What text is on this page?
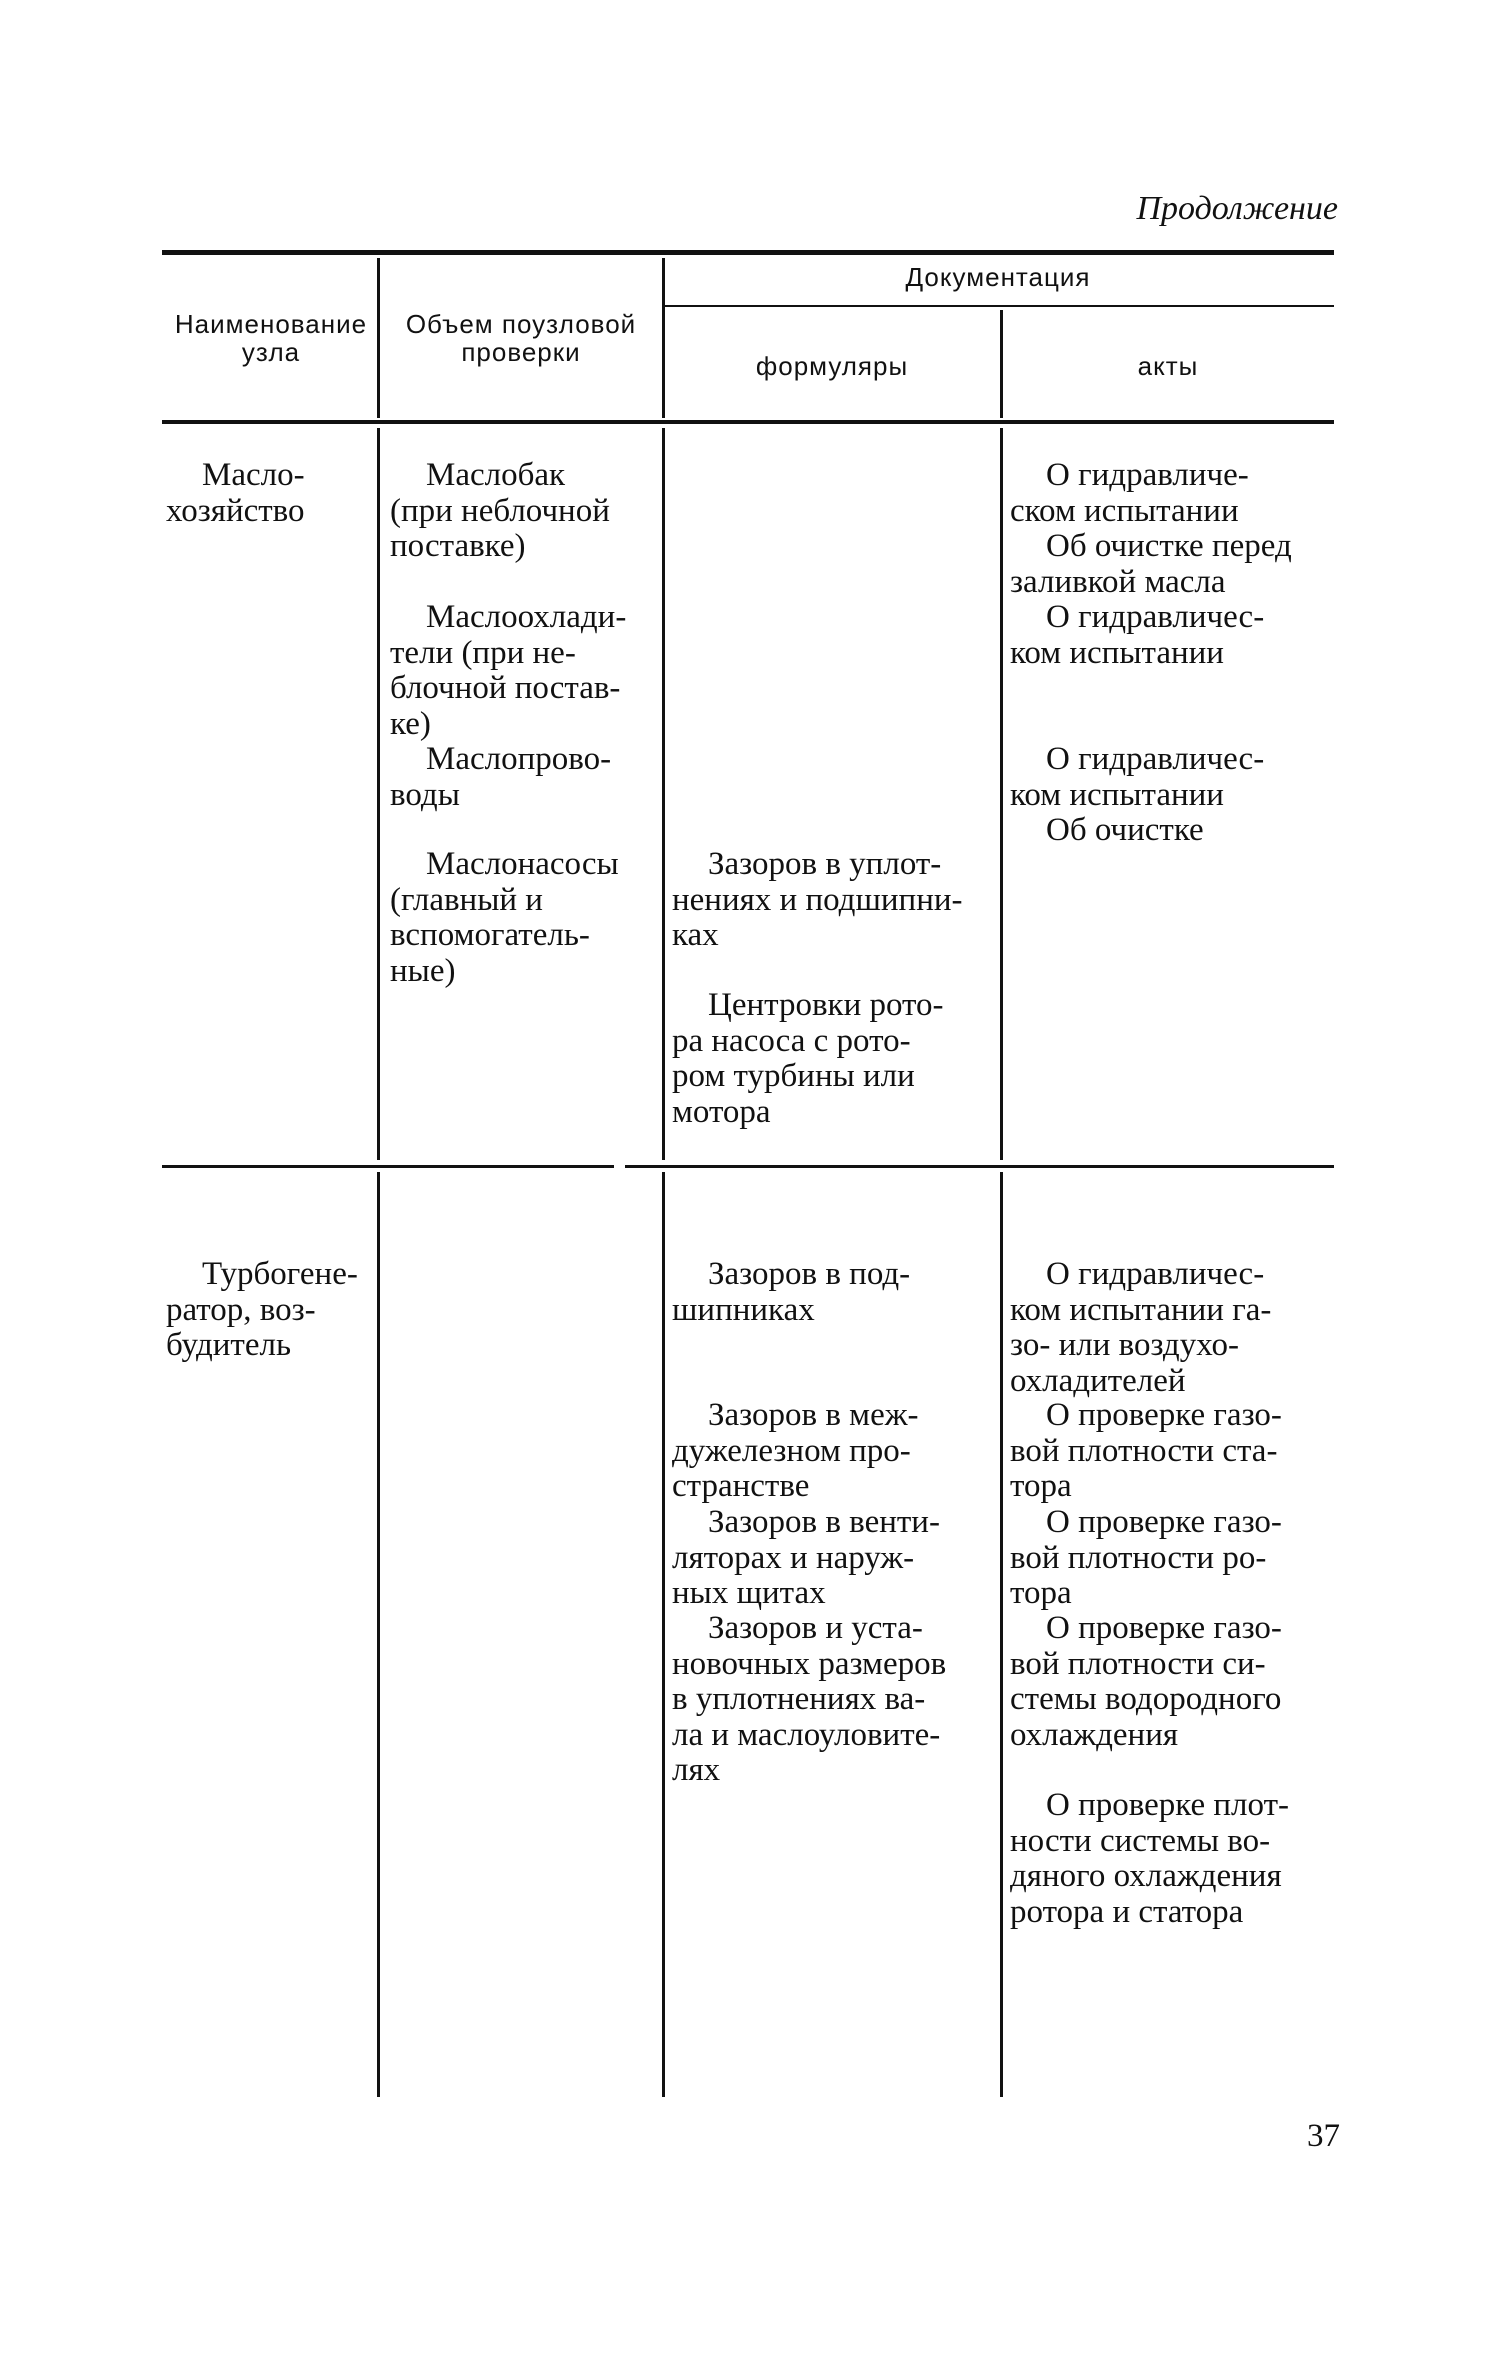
Продолжение
Наименование узла
Объем поузловой проверки
Документация
формуляры	акты
Масло-
хозяйство
Маслобак
(при неблочной
поставке)
Маслоохлади-
тели (при не-
блочной постав-
ке)
Маслопрово-
воды
Маслонасосы
(главный и
вспомогатель-
ные)
Зазоров в уплот-
нениях и подшипни-
ках
Центровки рото-
ра насоса с рото-
ром турбины или
мотора
О гидравличе-
ском испытании
Об очистке перед
заливкой масла
О гидравличес-
ком испытании
О гидравличес-
ком испытании
Об очистке
Турбогене-
ратор, воз-
будитель
Зазоров в под-
шипниках
Зазоров в меж-
дужелезном про-
странстве
Зазоров в венти-
ляторах и наруж-
ных щитах
Зазоров и уста-
новочных размеров
в уплотнениях ва-
ла и маслоуловите-
лях
О гидравличес-
ком испытании га-
зо- или воздухо-
охладителей
О проверке газо-
вой плотности ста-
тора
О проверке газо-
вой плотности ро-
тора
О проверке газо-
вой плотности си-
стемы водородного
охлаждения
О проверке плот-
ности системы во-
дяного охлаждения
ротора и статора
37
